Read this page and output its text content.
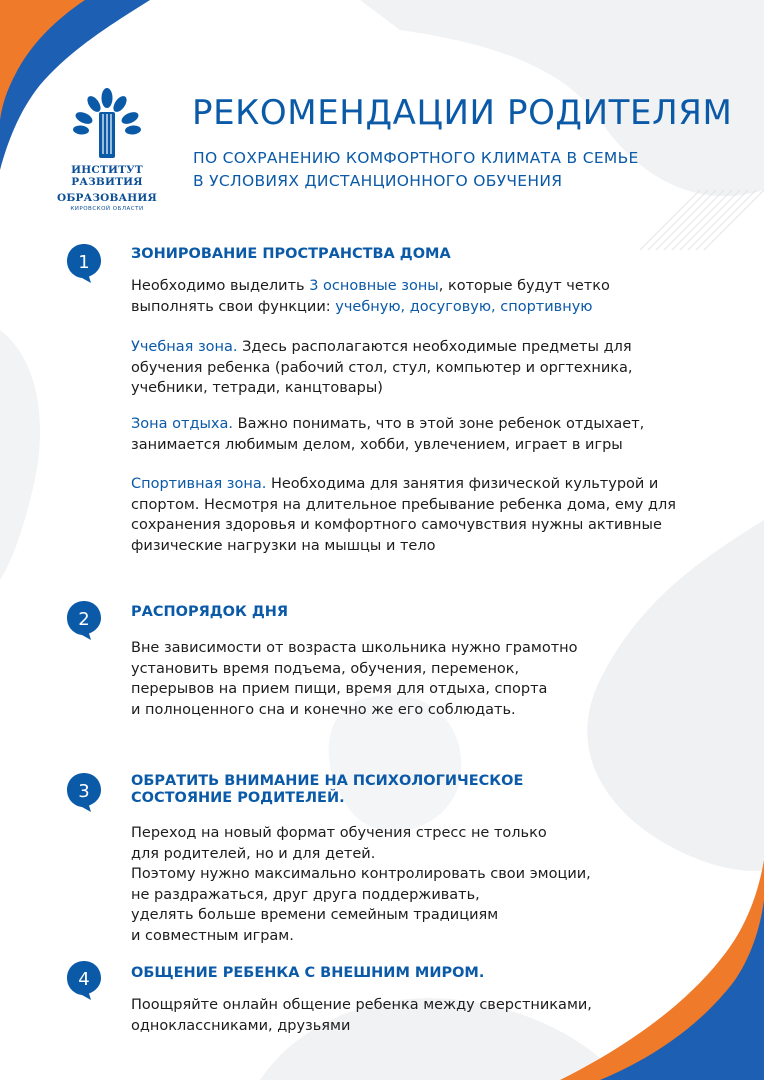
ИНСТИТУТ РАЗВИТИЯ
ОБРАЗОВАНИЯ
КИРОВСКОЙ ОБЛАСТИ
РЕКОМЕНДАЦИИ РОДИТЕЛЯМ
ПО СОХРАНЕНИЮ КОМФОРТНОГО КЛИМАТА В СЕМЬЕ
В УСЛОВИЯХ ДИСТАНЦИОННОГО ОБУЧЕНИЯ
1	ЗОНИРОВАНИЕ ПРОСТРАНСТВА ДОМА
Необходимо выделить 3 основные зоны, которые будут четко
выполнять свои функции: учебную, досуговую, спортивную
Учебная зона. Здесь располагаются необходимые предметы для
обучения ребенка (рабочий стол, стул, компьютер и оргтехника,
учебники, тетради, канцтовары)
Зона отдыха. Важно понимать, что в этой зоне ребенок отдыхает,
занимается любимым делом, хобби, увлечением, играет в игры
Спортивная зона. Необходима для занятия физической культурой и
спортом. Несмотря на длительное пребывание ребенка дома, ему для
сохранения здоровья и комфортного самочувствия нужны активные
физические нагрузки на мышцы и тело
2	РАСПОРЯДОК ДНЯ
Вне зависимости от возраста школьника нужно грамотно
установить время подъема, обучения, переменок,
перерывов на прием пищи, время для отдыха, спорта
и полноценного сна и конечно же его соблюдать.
3	ОБРАТИТЬ ВНИМАНИЕ НА ПСИХОЛОГИЧЕСКОЕ
СОСТОЯНИЕ РОДИТЕЛЕЙ.
Переход на новый формат обучения стресс не только
для родителей, но и для детей.
Поэтому нужно максимально контролировать свои эмоции,
не раздражаться, друг друга поддерживать,
уделять больше времени семейным традициям
и совместным играм.
4	ОБЩЕНИЕ РЕБЕНКА С ВНЕШНИМ МИРОМ.
Поощряйте онлайн общение ребенка между сверстниками,
одноклассниками, друзьями
